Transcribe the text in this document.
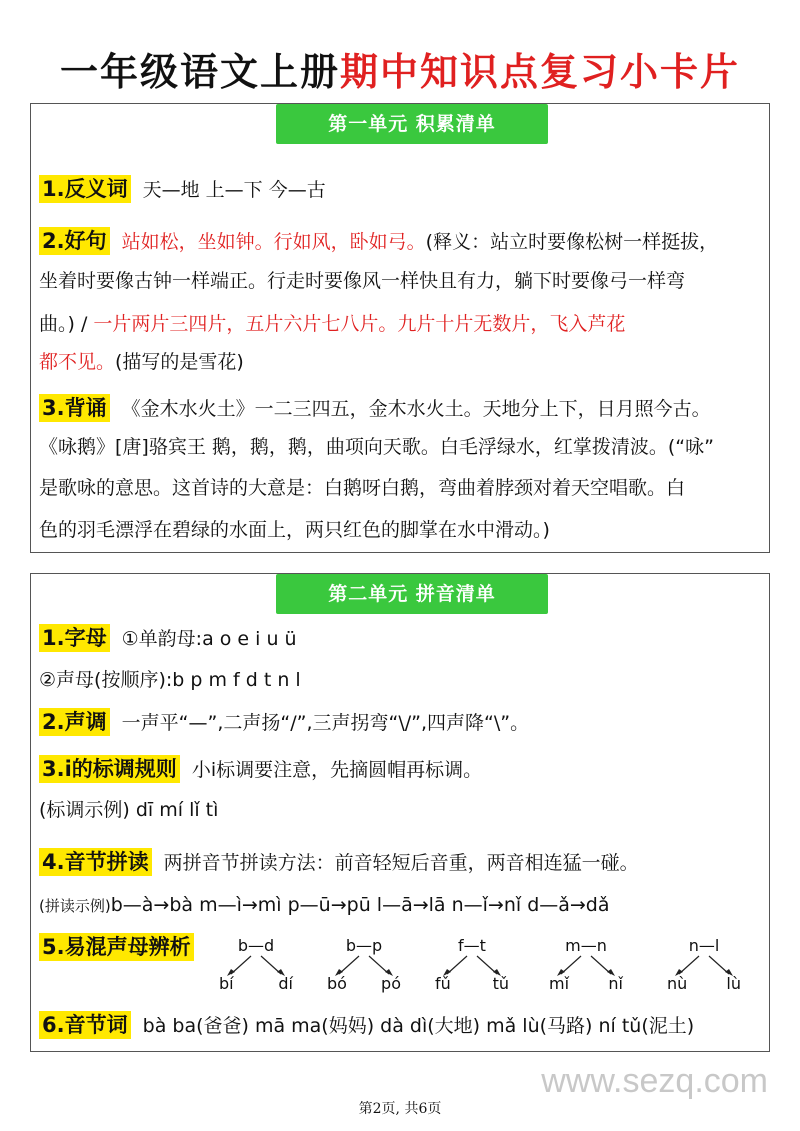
一年级语文上册期中知识点复习小卡片
第一单元 积累清单
1.反义词 天—地 上—下 今—古
2.好句 站如松，坐如钟。行如风，卧如弓。(释义：站立时要像松树一样挺拔，
坐着时要像古钟一样端正。行走时要像风一样快且有力，躺下时要像弓一样弯
曲。) / 一片两片三四片，五片六片七八片。九片十片无数片，飞入芦花
都不见。(描写的是雪花)
3.背诵 《金木水火土》一二三四五，金木水火土。天地分上下，日月照今古。
《咏鹅》[唐]骆宾王 鹅，鹅，鹅，曲项向天歌。白毛浮绿水，红掌拨清波。(“咏”
是歌咏的意思。这首诗的大意是：白鹅呀白鹅，弯曲着脖颈对着天空唱歌。白
色的羽毛漂浮在碧绿的水面上，两只红色的脚掌在水中滑动。)
第二单元 拼音清单
1.字母 ①单韵母:a o e i u ü
②声母(按顺序):b p m f d t n l
2.声调 一声平“—”,二声扬“/”,三声拐弯“\/”,四声降“\”。
3.i的标调规则 小i标调要注意，先摘圆帽再标调。
(标调示例) dī mí lǐ tì
4.音节拼读 两拼音节拼读方法：前音轻短后音重，两音相连猛一碰。
(拼读示例)b—à→bà m—ì→mì p—ū→pū l—ā→lā n—ǐ→nǐ d—ǎ→dǎ
5.易混声母辨析	b—d
bí	dí
b—p
bó pó
f—t
fǔ	tǔ
m—n
mǐ nǐ
n—l
nù lù
6.音节词 bà ba(爸爸) mā ma(妈妈) dà dì(大地) mǎ lù(马路) ní tǔ(泥土)
www.sezq.com
第2页, 共6页
